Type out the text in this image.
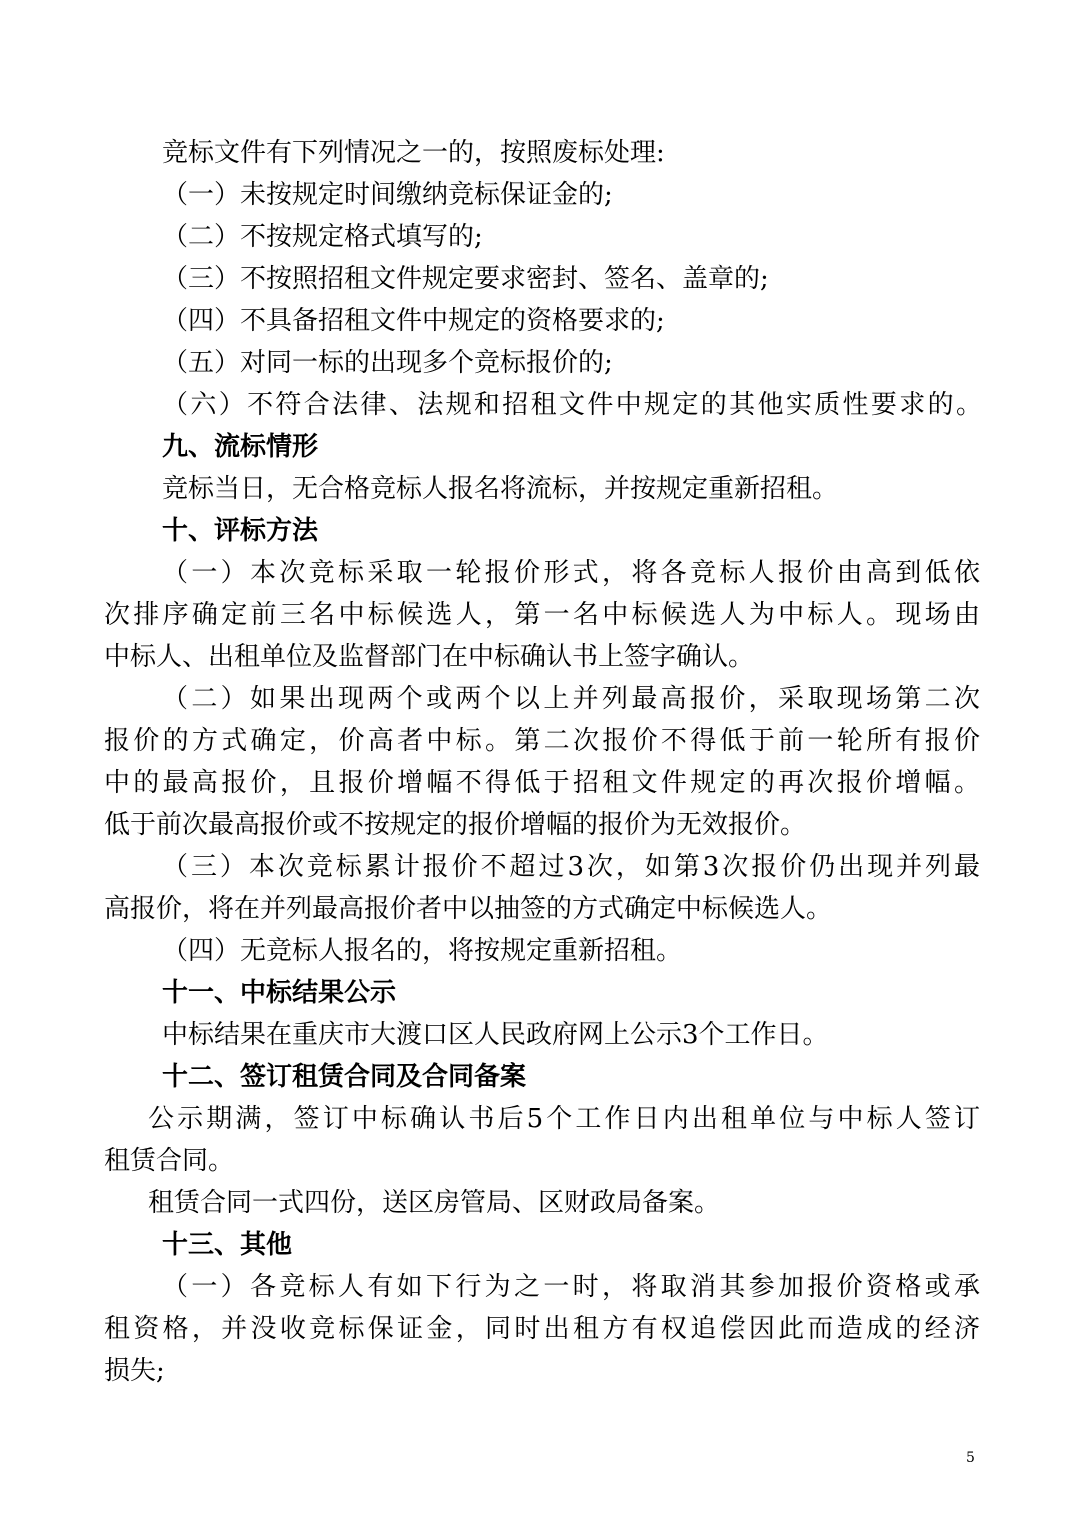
竞标文件有下列情况之一的，按照废标处理:
（一）未按规定时间缴纳竞标保证金的;
（二）不按规定格式填写的;
（三）不按照招租文件规定要求密封、签名、盖章的;
（四）不具备招租文件中规定的资格要求的;
（五）对同一标的出现多个竞标报价的;
（六）不符合法律、法规和招租文件中规定的其他实质性要求的。
九、流标情形
竞标当日，无合格竞标人报名将流标，并按规定重新招租。
十、评标方法
（一）本次竞标采取一轮报价形式，将各竞标人报价由高到低依
次排序确定前三名中标候选人，第一名中标候选人为中标人。现场由
中标人、出租单位及监督部门在中标确认书上签字确认。
（二）如果出现两个或两个以上并列最高报价，采取现场第二次
报价的方式确定，价高者中标。第二次报价不得低于前一轮所有报价
中的最高报价，且报价增幅不得低于招租文件规定的再次报价增幅。
低于前次最高报价或不按规定的报价增幅的报价为无效报价。
（三）本次竞标累计报价不超过3次，如第3次报价仍出现并列最
高报价，将在并列最高报价者中以抽签的方式确定中标候选人。
（四）无竞标人报名的，将按规定重新招租。
十一、中标结果公示
中标结果在重庆市大渡口区人民政府网上公示3个工作日。
十二、签订租赁合同及合同备案
公示期满，签订中标确认书后5个工作日内出租单位与中标人签订
租赁合同。
租赁合同一式四份，送区房管局、区财政局备案。
十三、其他
（一）各竞标人有如下行为之一时，将取消其参加报价资格或承
租资格，并没收竞标保证金，同时出租方有权追偿因此而造成的经济
损失;
5
